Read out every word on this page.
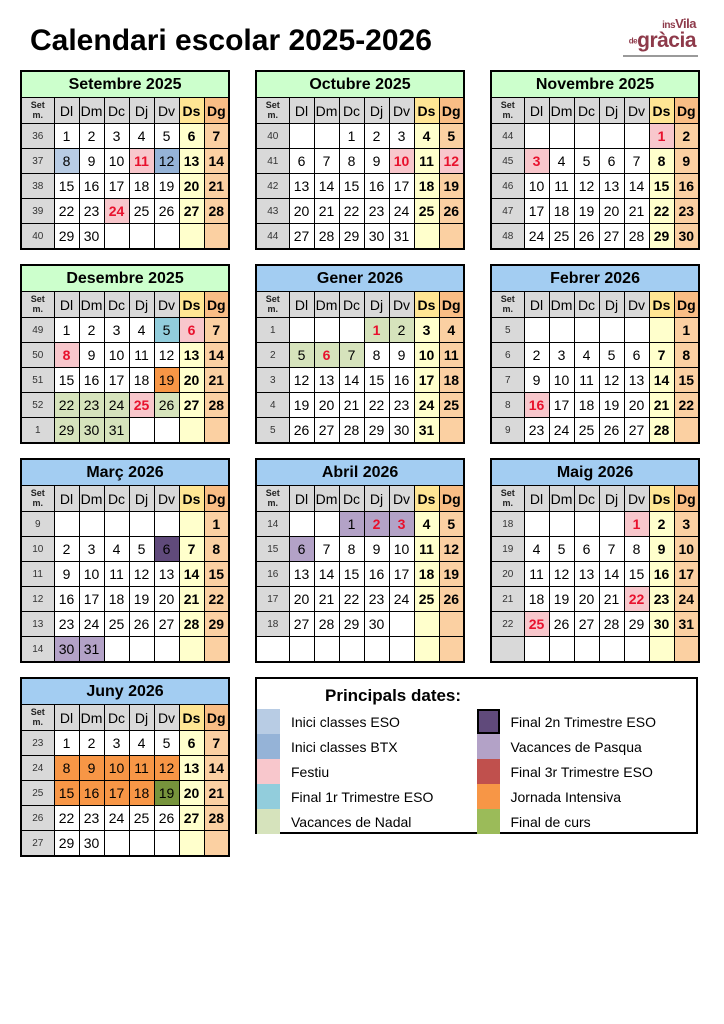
Calendari escolar 2025-2026	insVila
degràcia
Setembre 2025							
Setm.	Dl	Dm	Dc	Dj	Dv	Ds	Dg
36	1	2	3	4	5	6	7
37	8	9	10	11	12	13	14
38	15	16	17	18	19	20	21
39	22	23	24	25	26	27	28
40	29	30					
Octubre 2025							
Setm.	Dl	Dm	Dc	Dj	Dv	Ds	Dg
40			1	2	3	4	5
41	6	7	8	9	10	11	12
42	13	14	15	16	17	18	19
43	20	21	22	23	24	25	26
44	27	28	29	30	31		
Novembre 2025							
Setm.	Dl	Dm	Dc	Dj	Dv	Ds	Dg
44						1	2
45	3	4	5	6	7	8	9
46	10	11	12	13	14	15	16
47	17	18	19	20	21	22	23
48	24	25	26	27	28	29	30
Desembre 2025							
Setm.	Dl	Dm	Dc	Dj	Dv	Ds	Dg
49	1	2	3	4	5	6	7
50	8	9	10	11	12	13	14
51	15	16	17	18	19	20	21
52	22	23	24	25	26	27	28
1	29	30	31				
Gener 2026							
Setm.	Dl	Dm	Dc	Dj	Dv	Ds	Dg
1				1	2	3	4
2	5	6	7	8	9	10	11
3	12	13	14	15	16	17	18
4	19	20	21	22	23	24	25
5	26	27	28	29	30	31	
Febrer 2026							
Setm.	Dl	Dm	Dc	Dj	Dv	Ds	Dg
5							1
6	2	3	4	5	6	7	8
7	9	10	11	12	13	14	15
8	16	17	18	19	20	21	22
9	23	24	25	26	27	28	
Març 2026							
Setm.	Dl	Dm	Dc	Dj	Dv	Ds	Dg
9							1
10	2	3	4	5	6	7	8
11	9	10	11	12	13	14	15
12	16	17	18	19	20	21	22
13	23	24	25	26	27	28	29
14	30	31					
Abril 2026							
Setm.	Dl	Dm	Dc	Dj	Dv	Ds	Dg
14			1	2	3	4	5
15	6	7	8	9	10	11	12
16	13	14	15	16	17	18	19
17	20	21	22	23	24	25	26
18	27	28	29	30			

Maig 2026							
Setm.	Dl	Dm	Dc	Dj	Dv	Ds	Dg
18					1	2	3
19	4	5	6	7	8	9	10
20	11	12	13	14	15	16	17
21	18	19	20	21	22	23	24
22	25	26	27	28	29	30	31

Juny 2026							
Setm.	Dl	Dm	Dc	Dj	Dv	Ds	Dg
23	1	2	3	4	5	6	7
24	8	9	10	11	12	13	14
25	15	16	17	18	19	20	21
26	22	23	24	25	26	27	28
27	29	30					
Principals dates:
Inici classes ESO
Inici classes BTX
Festiu
Final 1r Trimestre ESO
Vacances de Nadal
Final 2n Trimestre ESO
Vacances de Pasqua
Final 3r Trimestre ESO
Jornada Intensiva
Final de curs
